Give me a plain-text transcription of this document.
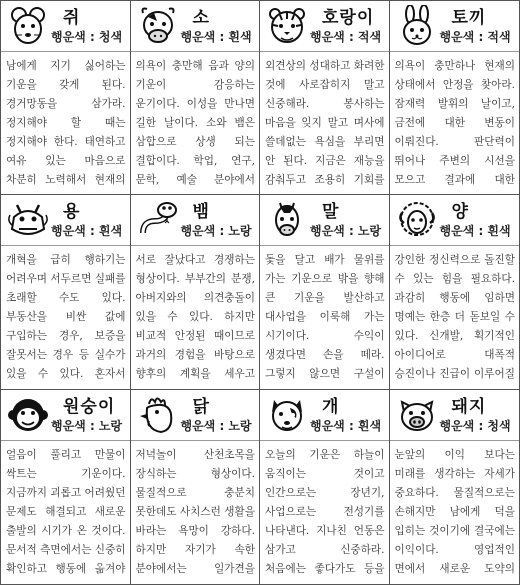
쥐
행운색 : 청색
남에게 지기 싫어하는 기운을 갖게 된다. 경거망동을 삼가라. 정지해야 할 때는 정지해야 한다. 태연하고 여유 있는 마음으로 차분히 노력해서 현재의
소
행운색 : 흰색
의욕이 충만해 음과 양의 기운이 감응하는 운기이다. 이성을 만나면 길한 날이다. 소와 뱀은 삼합으로 상생 되는 결합이다. 학업, 연구, 문학, 예술 분야에서
호랑이
행운색 : 적색
외견상의 성대하고 화려한 것에 사로잡히지 말고 신중해라. 봉사하는 마음을 잊지 말고 며사에 쓸데없는 욕심을 부리면 안 된다. 지금은 재능을 감춰두고 조용히 기회를
토끼
행운색 : 적색
의욕이 충만하나 현재의 상태에서 안정을 찾아라. 잠재력 발휘의 날이고, 금전에 대한 변동이 이뤄진다. 판단력이 뛰어나 주변의 시선을 모으고 결과에 대한
용
행운색 : 흰색
개혁을 급히 행하기는 어려우며 서두르면 실패를 초래할 수도 있다. 부동산을 비싼 값에 구입하는 경우, 보증을 잘못서는 경우 등 실수가 있을 수 있다. 혼자서
뱀
행운색 : 노랑
서로 잘났다고 경쟁하는 형상이다. 부부간의 분쟁, 아버지와의 의견충돌이 있을 수 있다. 하지만 비교적 안정된 때이므로 과거의 경험을 바탕으로 향후의 계획을 세우고
말
행운색 : 노랑
돛을 달고 배가 물위를 가는 기운으로 밖을 향해 큰 기운을 발산하고 대사업을 이룩해 가는 시기이다. 수익이 생겼다면 손을 떼라. 그렇지 않으면 구설이
양
행운색 : 흰색
강인한 정신력으로 돌진할 수 있는 힘을 필요하다. 과감히 행동에 임하면 명예는 한층 더 돋보일 수 있다. 신개발, 획기적인 아이디어로 대폭적 승진이나 진급이 이루어질
원숭이
행운색 : 노랑
얼음이 풀리고 만물이 싹트는 기운이다. 지금까지 괴롭고 어려웠던 문제도 해결되고 새로운 출발의 시기가 온 것이다. 문서적 측면에서는 신중히 확인하고 행동에 옮겨야
닭
행운색 : 노랑
저녁놀이 산천초목을 장식하는 형상이다. 물질적으로 충분치 못한데도 사치스런 생활을 바라는 욕망이 강하다. 하지만 자기가 속한 분야에서는 일가견을
개
행운색 : 흰색
오늘의 기운은 하늘이 움직이는 것이고 인간으로는 장년기, 사업으로는 전성기를 나타낸다. 지나친 언동은 삼가고 신중하라. 처음에는 좋다가도 등을
돼지
행운색 : 청색
눈앞의 이익 보다는 미래를 생각하는 자세가 중요하다. 물질적으로는 손해지만 남에게 덕을 입히는 것이기에 결국에는 이익이다. 영업적인 면에서 새로운 도약의
